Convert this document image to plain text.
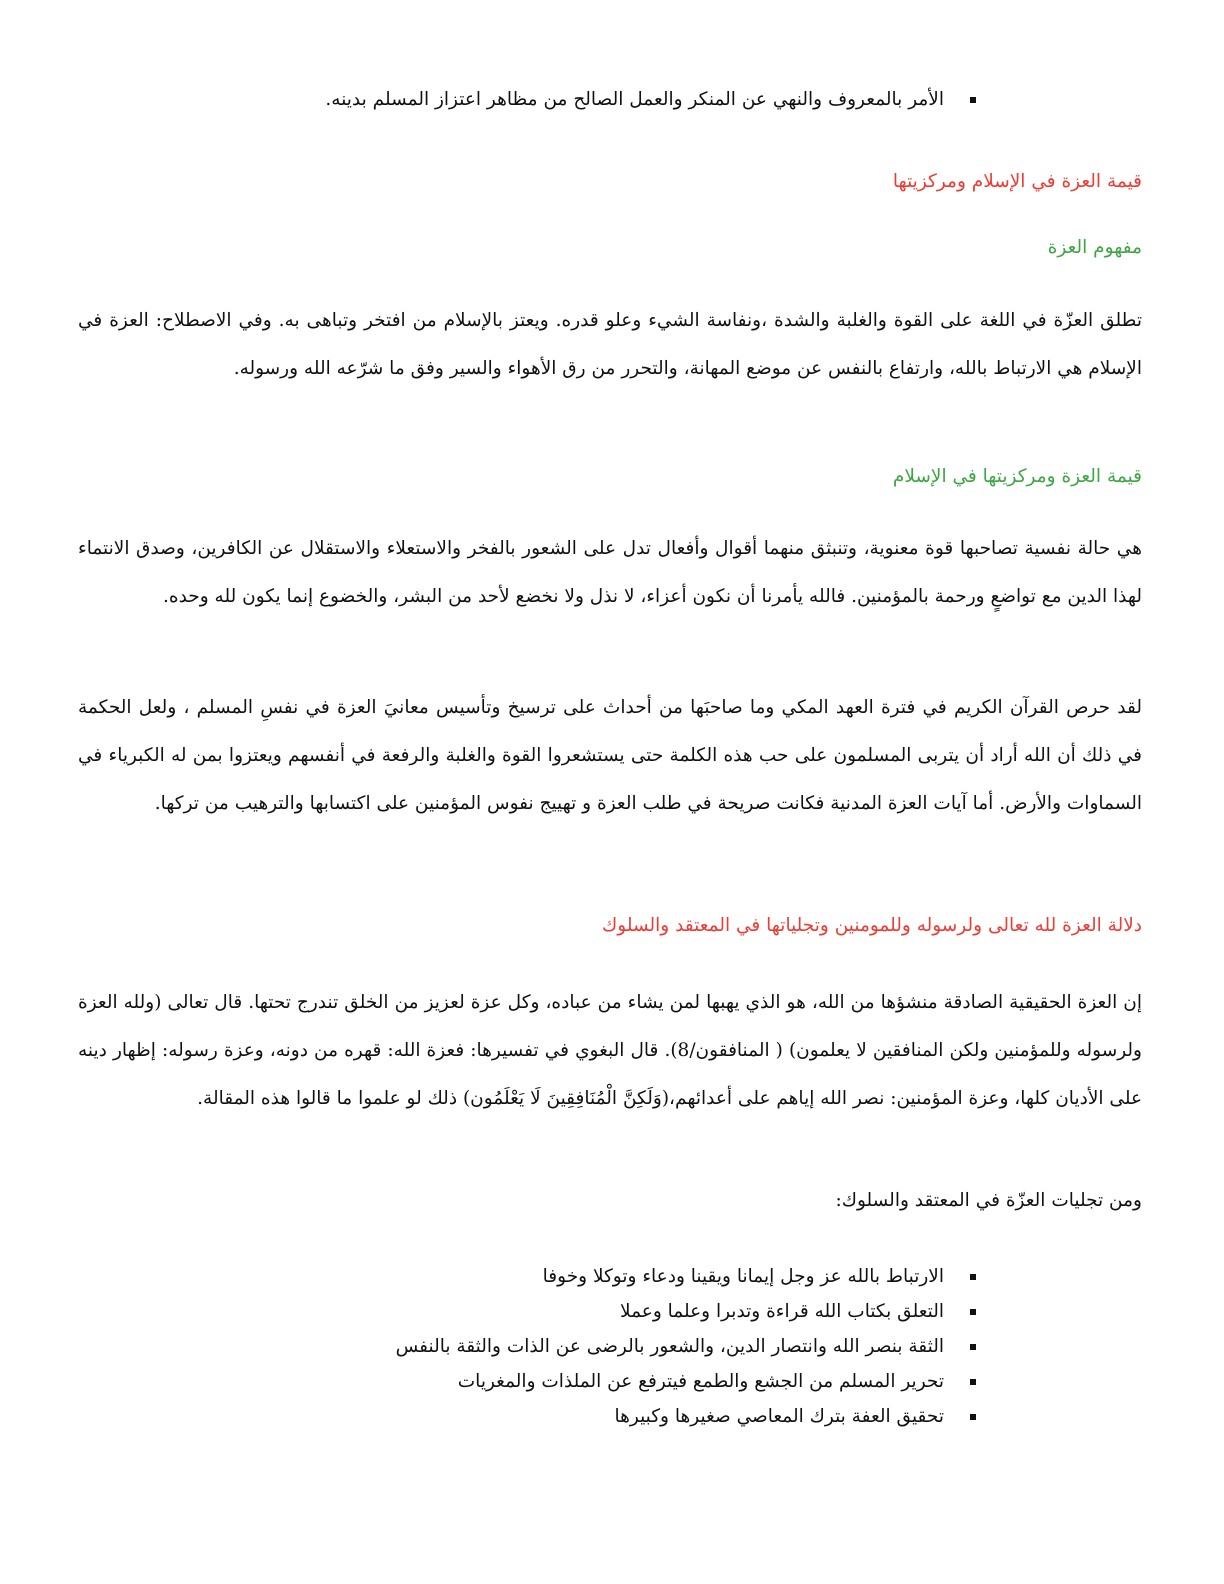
الأمر بالمعروف والنهي عن المنكر والعمل الصالح من مظاهر اعتزاز المسلم بدينه.
قيمة العزة في الإسلام ومركزيتها
مفهوم العزة
تطلق العزّة في اللغة على القوة والغلبة والشدة ،ونفاسة الشيء وعلو قدره. ويعتز بالإسلام من افتخر وتباهى به. وفي الاصطلاح: العزة في الإسلام هي الارتباط بالله، وارتفاع بالنفس عن موضع المهانة، والتحرر من رق الأهواء والسير وفق ما شرّعه الله ورسوله.
قيمة العزة ومركزيتها في الإسلام
هي حالة نفسية تصاحبها قوة معنوية، وتنبثق منهما أقوال وأفعال تدل على الشعور بالفخر والاستعلاء والاستقلال عن الكافرين، وصدق الانتماء لهذا الدين مع تواضعٍ ورحمة بالمؤمنين. فالله يأمرنا أن نكون أعزاء، لا نذل ولا نخضع لأحد من البشر، والخضوع إنما يكون لله وحده.
لقد حرص القرآن الكريم في فترة العهد المكي وما صاحبَها من أحداث على ترسيخ وتأسيس معانيَ العزة في نفسِ المسلم ، ولعل الحكمة في ذلك أن الله أراد أن يتربى المسلمون على حب هذه الكلمة حتى يستشعروا القوة والغلبة والرفعة في أنفسهم ويعتزوا بمن له الكبرياء في السماوات والأرض. أما آيات العزة المدنية فكانت صريحة في طلب العزة و تهييج نفوس المؤمنين على اكتسابها والترهيب من تركها.
دلالة العزة لله تعالى ولرسوله وللمومنين وتجلياتها في المعتقد والسلوك
إن العزة الحقيقية الصادقة منشؤها من الله، هو الذي يهبها لمن يشاء من عباده، وكل عزة لعزيز من الخلق تندرج تحتها. قال تعالى (ولله العزة ولرسوله وللمؤمنين ولكن المنافقين لا يعلمون) ( المنافقون/8). قال البغوي في تفسيرها: فعزة الله: قهره من دونه، وعزة رسوله: إظهار دينه على الأديان كلها، وعزة المؤمنين: نصر الله إياهم على أعدائهم،(وَلَكِنَّ الْمُنَافِقِينَ لَا يَعْلَمُون) ذلك لو علموا ما قالوا هذه المقالة.
ومن تجليات العزّة في المعتقد والسلوك:
الارتباط بالله عز وجل إيمانا ويقينا ودعاء وتوكلا وخوفا
التعلق بكتاب الله قراءة وتدبرا وعلما وعملا
الثقة بنصر الله وانتصار الدين، والشعور بالرضى عن الذات والثقة بالنفس
تحرير المسلم من الجشع والطمع فيترفع عن الملذات والمغريات
تحقيق العفة بترك المعاصي صغيرها وكبيرها
